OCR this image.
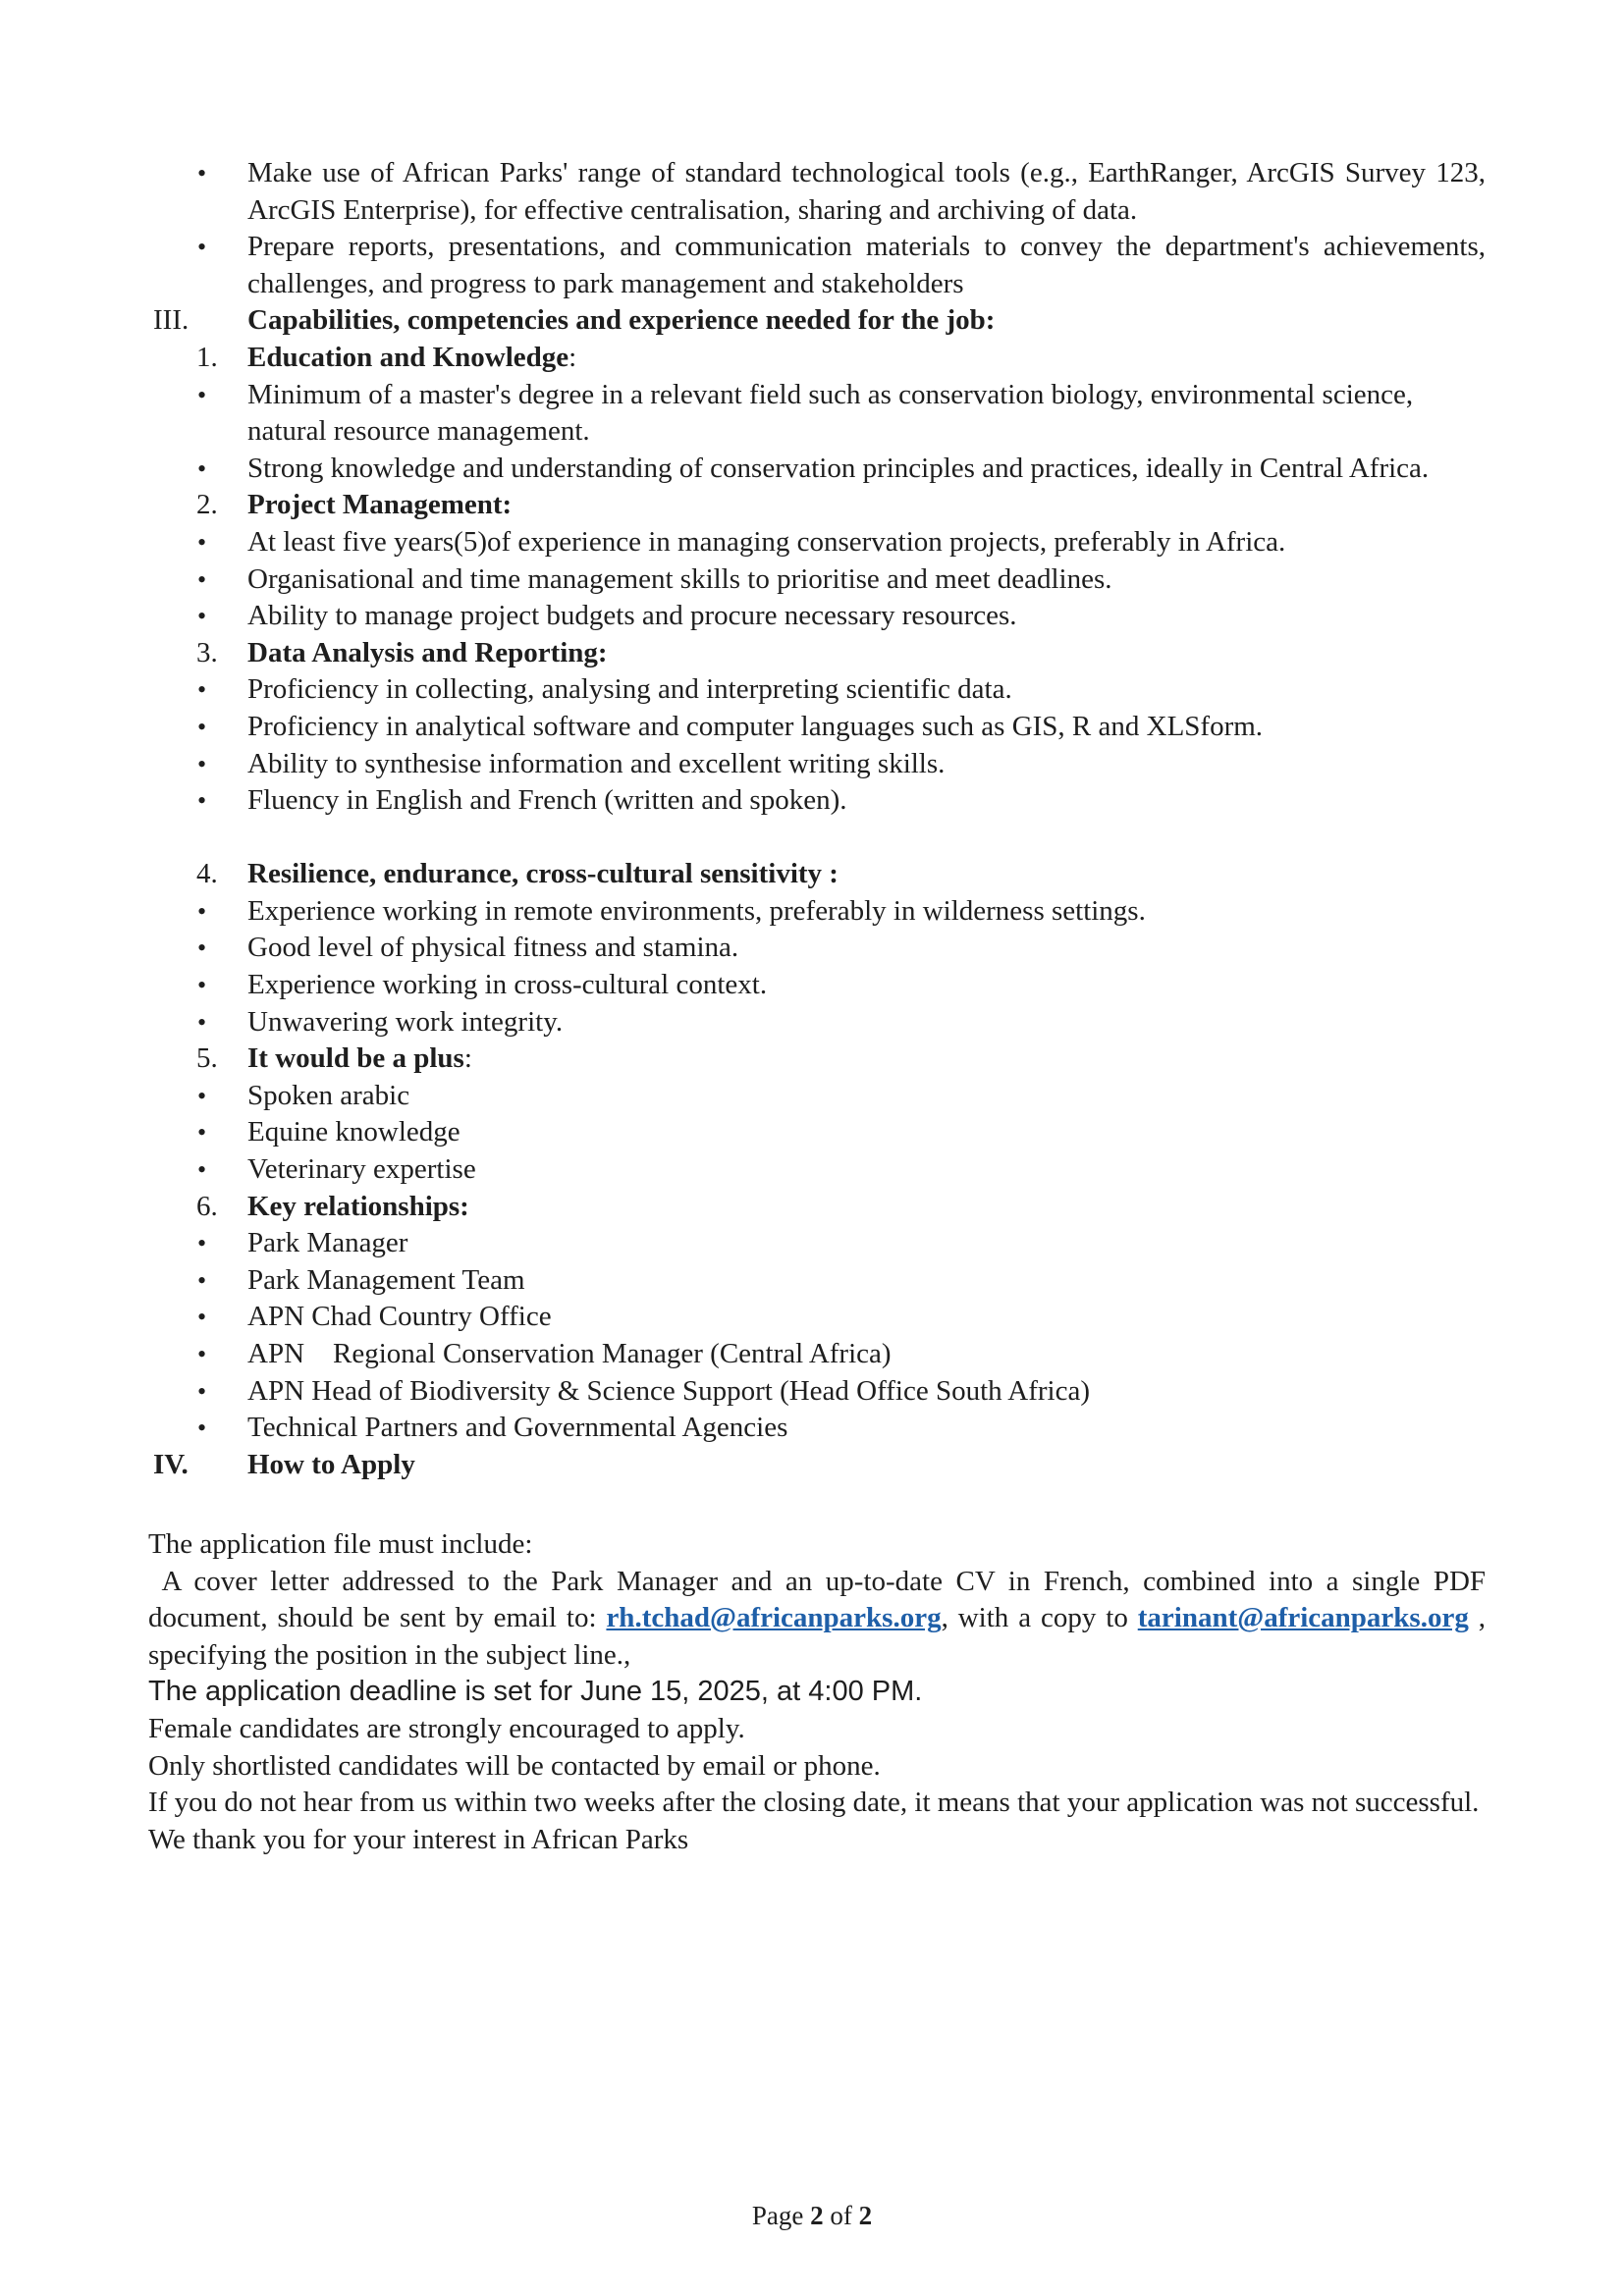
•	Make use of African Parks' range of standard technological tools (e.g., EarthRanger, ArcGIS Survey 123, ArcGIS Enterprise), for effective centralisation, sharing and archiving of data.
•	Prepare reports, presentations, and communication materials to convey the department's achievements, challenges, and progress to park management and stakeholders
III.	Capabilities, competencies and experience needed for the job:
1.	Education and Knowledge:
•	Minimum of a master's degree in a relevant field such as conservation biology, environmental science, natural resource management.
•	Strong knowledge and understanding of conservation principles and practices, ideally in Central Africa.
2.	Project Management:
•	At least five years(5)of experience in managing conservation projects, preferably in Africa.
•	Organisational and time management skills to prioritise and meet deadlines.
•	Ability to manage project budgets and procure necessary resources.
3.	Data Analysis and Reporting:
•	Proficiency in collecting, analysing and interpreting scientific data.
•	Proficiency in analytical software and computer languages such as GIS, R and XLSform.
•	Ability to synthesise information and excellent writing skills.
•	Fluency in English and French (written and spoken).
4.	Resilience, endurance, cross-cultural sensitivity :
•	Experience working in remote environments, preferably in wilderness settings.
•	Good level of physical fitness and stamina.
•	Experience working in cross-cultural context.
•	Unwavering work integrity.
5.	It would be a plus:
•	Spoken arabic
•	Equine knowledge
•	Veterinary expertise
6.	Key relationships:
•	Park Manager
•	Park Management Team
•	APN Chad Country Office
•	APN    Regional Conservation Manager (Central Africa)
•	APN Head of Biodiversity & Science Support (Head Office South Africa)
•	Technical Partners and Governmental Agencies
IV.	How to Apply
The application file must include:
A cover letter addressed to the Park Manager and an up-to-date CV in French, combined into a single PDF document, should be sent by email to: rh.tchad@africanparks.org, with a copy to tarinant@africanparks.org , specifying the position in the subject line.,
The application deadline is set for June 15, 2025, at 4:00 PM.
Female candidates are strongly encouraged to apply.
Only shortlisted candidates will be contacted by email or phone.
If you do not hear from us within two weeks after the closing date, it means that your application was not successful.
We thank you for your interest in African Parks
Page 2 of 2
